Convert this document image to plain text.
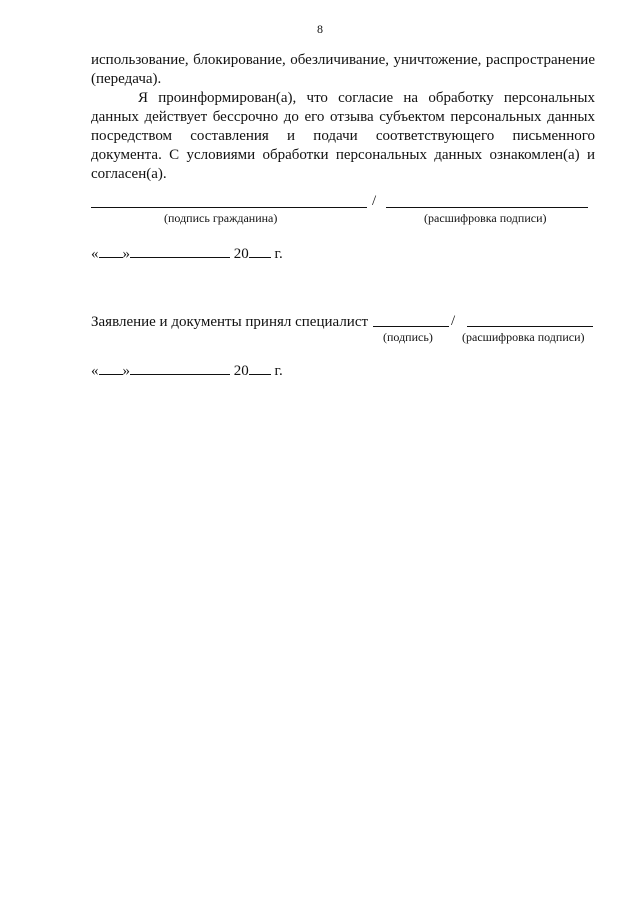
8
использование, блокирование, обезличивание, уничтожение, распространение
(передача).
Я проинформирован(а), что согласие на обработку персональных
данных действует бессрочно до его отзыва субъектом персональных данных
посредством составления и подачи соответствующего письменного
документа. С условиями обработки персональных данных ознакомлен(а) и
согласен(а).
/
(подпись гражданина)	(расшифровка подписи)
« »	20 г.
Заявление и документы принял специалист	/
(подпись) (расшифровка подписи)
« »	20 г.
